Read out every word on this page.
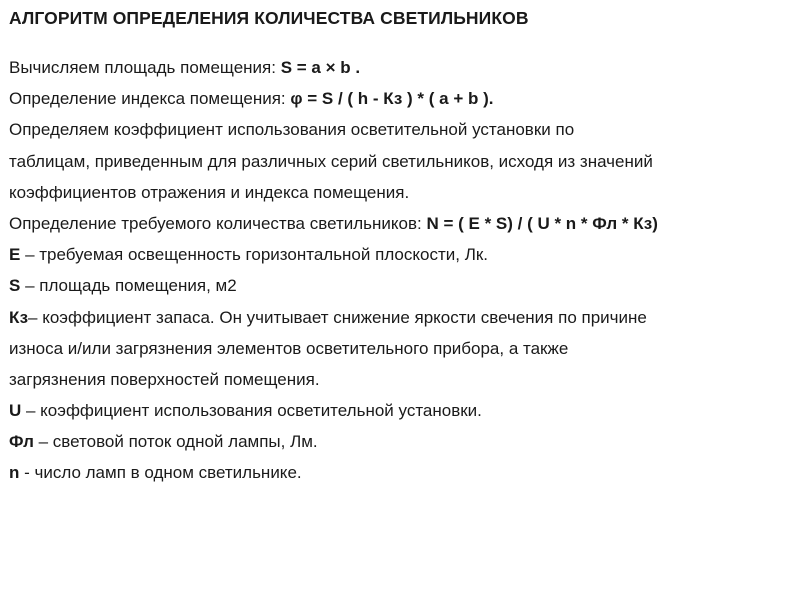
АЛГОРИТМ ОПРЕДЕЛЕНИЯ КОЛИЧЕСТВА СВЕТИЛЬНИКОВ
Вычисляем площадь помещения: S = a × b .
Определение индекса помещения: φ = S / ( h - Кз ) * ( a + b ).
Определяем коэффициент использования осветительной установки по
таблицам, приведенным для различных серий светильников, исходя из значений
коэффициентов отражения и индекса помещения.
Определение требуемого количества светильников: N = ( E * S) / ( U * n * Фл * Кз)
Е – требуемая освещенность горизонтальной плоскости, Лк.
S – площадь помещения, м2
Кз– коэффициент запаса. Он учитывает снижение яркости свечения по причине
износа и/или загрязнения элементов осветительного прибора, а также
загрязнения поверхностей помещения.
U – коэффициент использования осветительной установки.
Фл – световой поток одной лампы, Лм.
n - число ламп в одном светильнике.
